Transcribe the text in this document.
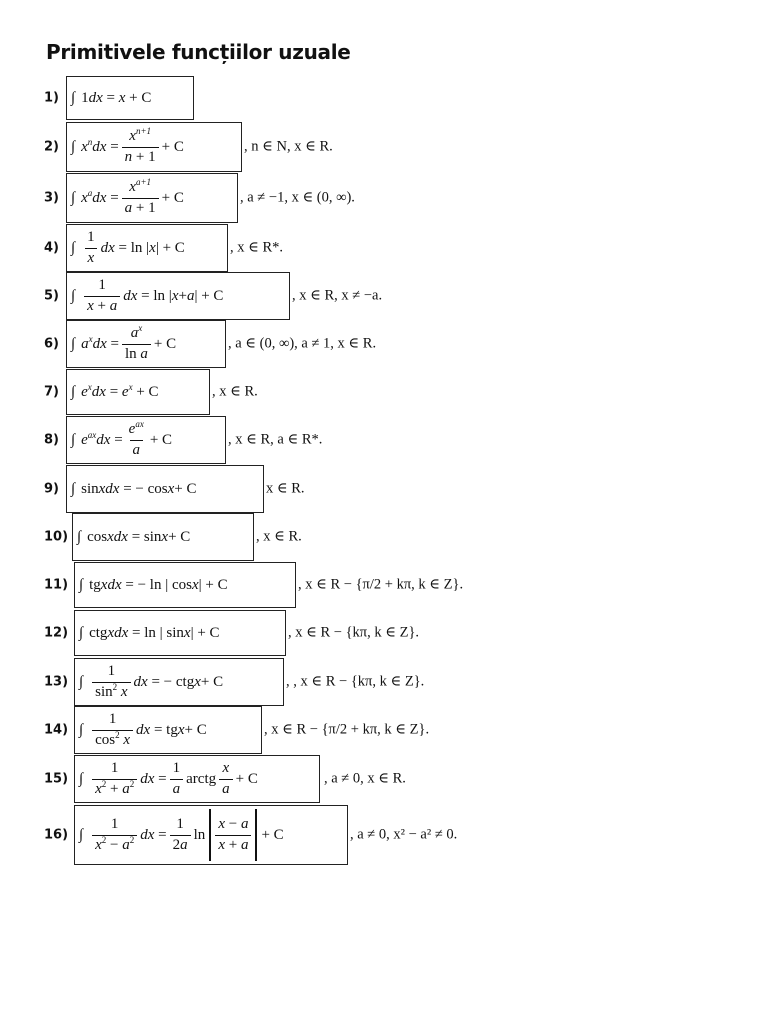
Primitivele funcțiilor uzuale
1) ∫ 1 dx = x + C
2) ∫ $x^ndx = \frac{x^{n+1}}{n + 1} + C$	, n ∈ N, x ∈ R.
3) ∫ $x^adx = \frac{x^{a+1}}{a + 1} + C$	, a ≠ −1, x ∈ (0, ∞).
4) ∫ $\frac{1}{x}$ dx = ln | x | + C	, x ∈ R*.
5) ∫ $\frac{1}{x + a}$ dx = ln | x + a | + C	, x ∈ R, x ≠ −a.
6) ∫ $a^xdx = \frac{a^x}{\text{ln a}} + C$	, a ∈ (0, ∞), a ≠ 1, x ∈ R.
7) ∫ $e^xdx = e^x + C$	, x ∈ R.
8) ∫ $e^{ax}dx = \frac{e^{ax}}{a} + C$	, x ∈ R, a ∈ R*.
9) ∫ sin xdx = − cos x + C	x ∈ R.
10) ∫ cos xdx = sin x + C	, x ∈ R.
11) ∫ tg xdx = − ln | cos x | + C	, x ∈ R − {π/2 + kπ, k ∈ Z}.
12) ∫ ctg xdx = ln | sin x | + C	, x ∈ R − {kπ, k ∈ Z}.
13) ∫ $\frac{1}{\sin^2 x}$ dx = − ctg x + C	, , x ∈ R − {kπ, k ∈ Z}.
14) ∫ $\frac{1}{\cos^2 x}$ dx = tg x + C	, x ∈ R − {π/2 + kπ, k ∈ Z}.
15) ∫ $\frac{1}{x^2 + a^2}$ dx = $\frac{1}{a}$ arctg $\frac{x}{a} + C$	, a ≠ 0, x ∈ R.
16) ∫ $\frac{1}{x^2 - a^2}$ dx = $\frac{1}{2a}$ $\ln \frac{x - a}{x + a} + C$	, a ≠ 0, x² − a² ≠ 0.
